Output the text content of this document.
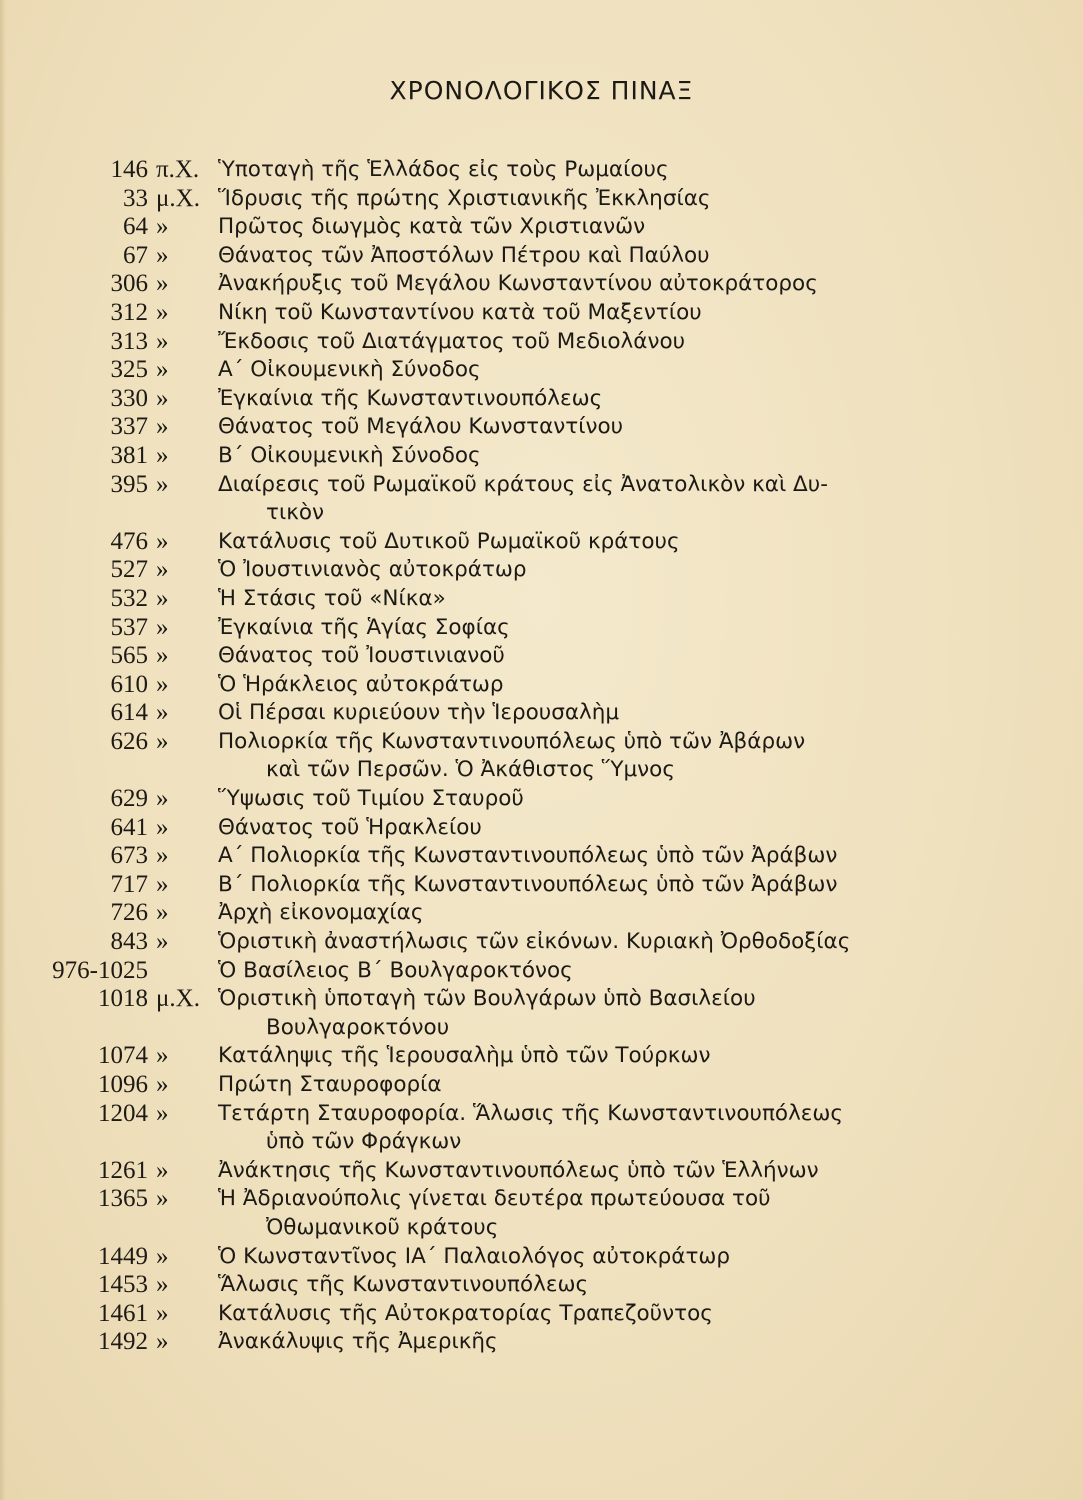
ΧΡΟΝΟΛΟΓΙΚΟΣ ΠΙΝΑΞ
146 π.Χ. Ὑποταγὴ τῆς Ἑλλάδος εἰς τοὺς Ρωμαίους
33 μ.Χ. Ἵδρυσις τῆς πρώτης Χριστιανικῆς Ἐκκλησίας
64 »	Πρῶτος διωγμὸς κατὰ τῶν Χριστιανῶν
67 »	Θάνατος τῶν Ἀποστόλων Πέτρου καὶ Παύλου
306 »	Ἀνακήρυξις τοῦ Μεγάλου Κωνσταντίνου αὐτοκράτορος
312 »	Νίκη τοῦ Κωνσταντίνου κατὰ τοῦ Μαξεντίου
313 »	Ἔκδοσις τοῦ Διατάγματος τοῦ Μεδιολάνου
325 »	Α΄ Οἰκουμενικὴ Σύνοδος
330 »	Ἐγκαίνια τῆς Κωνσταντινουπόλεως
337 »	Θάνατος τοῦ Μεγάλου Κωνσταντίνου
381 »	Β΄ Οἰκουμενικὴ Σύνοδος
395 »	Διαίρεσις τοῦ Ρωμαϊκοῦ κράτους εἰς Ἀνατολικὸν καὶ Δυ-
τικὸν
476 »	Κατάλυσις τοῦ Δυτικοῦ Ρωμαϊκοῦ κράτους
527 »	Ὁ Ἰουστινιανὸς αὐτοκράτωρ
532 »	Ἡ Στάσις τοῦ «Νίκα»
537 »	Ἐγκαίνια τῆς Ἁγίας Σοφίας
565 »	Θάνατος τοῦ Ἰουστινιανοῦ
610 »	Ὁ Ἡράκλειος αὐτοκράτωρ
614 »	Οἱ Πέρσαι κυριεύουν τὴν Ἱερουσαλὴμ
626 »	Πολιορκία τῆς Κωνσταντινουπόλεως ὑπὸ τῶν Ἀβάρων
καὶ τῶν Περσῶν. Ὁ Ἀκάθιστος Ὕμνος
629 »	Ὕψωσις τοῦ Τιμίου Σταυροῦ
641 »	Θάνατος τοῦ Ἡρακλείου
673 »	Α΄ Πολιορκία τῆς Κωνσταντινουπόλεως ὑπὸ τῶν Ἀράβων
717 »	Β΄ Πολιορκία τῆς Κωνσταντινουπόλεως ὑπὸ τῶν Ἀράβων
726 »	Ἀρχὴ εἰκονομαχίας
843 »	Ὁριστικὴ ἀναστήλωσις τῶν εἰκόνων. Κυριακὴ Ὀρθοδοξίας
976-1025	Ὁ Βασίλειος Β΄ Βουλγαροκτόνος
1018 μ.Χ. Ὁριστικὴ ὑποταγὴ τῶν Βουλγάρων ὑπὸ Βασιλείου
Βουλγαροκτόνου
1074 »	Κατάληψις τῆς Ἱερουσαλὴμ ὑπὸ τῶν Τούρκων
1096 »	Πρώτη Σταυροφορία
1204 »	Τετάρτη Σταυροφορία. Ἅλωσις τῆς Κωνσταντινουπόλεως
ὑπὸ τῶν Φράγκων
1261 »	Ἀνάκτησις τῆς Κωνσταντινουπόλεως ὑπὸ τῶν Ἑλλήνων
1365 »	Ἡ Ἀδριανούπολις γίνεται δευτέρα πρωτεύουσα τοῦ
Ὀθωμανικοῦ κράτους
1449 »	Ὁ Κωνσταντῖνος ΙΑ΄ Παλαιολόγος αὐτοκράτωρ
1453 »	Ἅλωσις τῆς Κωνσταντινουπόλεως
1461 »	Κατάλυσις τῆς Αὐτοκρατορίας Τραπεζοῦντος
1492 »	Ἀνακάλυψις τῆς Ἀμερικῆς
